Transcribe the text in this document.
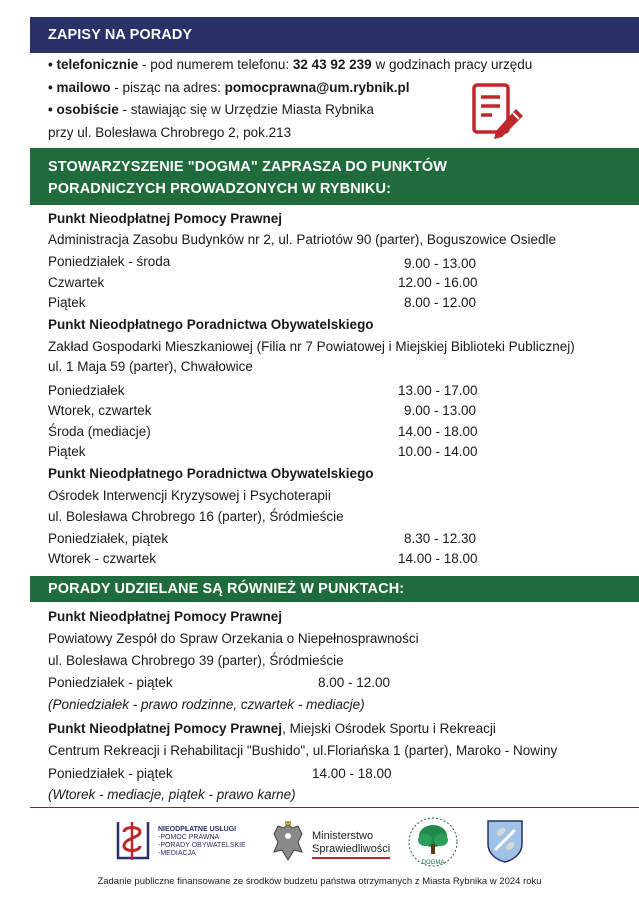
ZAPISY NA PORADY
• telefonicznie - pod numerem telefonu: 32 43 92 239 w godzinach pracy urzędu
• mailowo - pisząc na adres: pomocprawna@um.rybnik.pl
• osobiście - stawiając się w Urzędzie Miasta Rybnika
przy ul. Bolesława Chrobrego 2, pok.213
STOWARZYSZENIE "DOGMA" ZAPRASZA DO PUNKTÓW
PORADNICZYCH PROWADZONYCH W RYBNIKU:
Punkt Nieodpłatnej Pomocy Prawnej
Administracja Zasobu Budynków nr 2, ul. Patriotów 90 (parter), Boguszowice Osiedle
Poniedziałek - środa	9.00 - 13.00
Czwartek	12.00 - 16.00
Piątek	8.00 - 12.00
Punkt Nieodpłatnego Poradnictwa Obywatelskiego
Zakład Gospodarki Mieszkaniowej (Filia nr 7 Powiatowej i Miejskiej Biblioteki Publicznej)
ul. 1 Maja 59 (parter), Chwałowice
Poniedziałek	13.00 - 17.00
Wtorek, czwartek	9.00 - 13.00
Środa (mediacje)	14.00 - 18.00
Piątek	10.00 - 14.00
Punkt Nieodpłatnego Poradnictwa Obywatelskiego
Ośrodek Interwencji Kryzysowej i Psychoterapii
ul. Bolesława Chrobrego 16 (parter), Śródmieście
Poniedziałek, piątek	8.30 - 12.30
Wtorek - czwartek	14.00 - 18.00
PORADY UDZIELANE SĄ RÓWNIEŻ W PUNKTACH:
Punkt Nieodpłatnej Pomocy Prawnej
Powiatowy Zespół do Spraw Orzekania o Niepełnosprawności
ul. Bolesława Chrobrego 39 (parter), Śródmieście
Poniedziałek - piątek	8.00 - 12.00
(Poniedziałek - prawo rodzinne, czwartek - mediacje)
Punkt Nieodpłatnej Pomocy Prawnej, Miejski Ośrodek Sportu i Rekreacji
Centrum Rekreacji i Rehabilitacji "Bushido", ul.Floriańska 1 (parter), Maroko - Nowiny
Poniedziałek - piątek	14.00 - 18.00
(Wtorek - mediacje, piątek - prawo karne)
NIEODPŁATNE USŁUGI
-POMOC PRAWNA
-PORADY OBYWATELSKIE
-MEDIACJA
Ministerstwo
Sprawiedliwości
DOGMA
Zadanie publiczne finansowane ze środków budżetu państwa otrzymanych z Miasta Rybnika w 2024 roku
